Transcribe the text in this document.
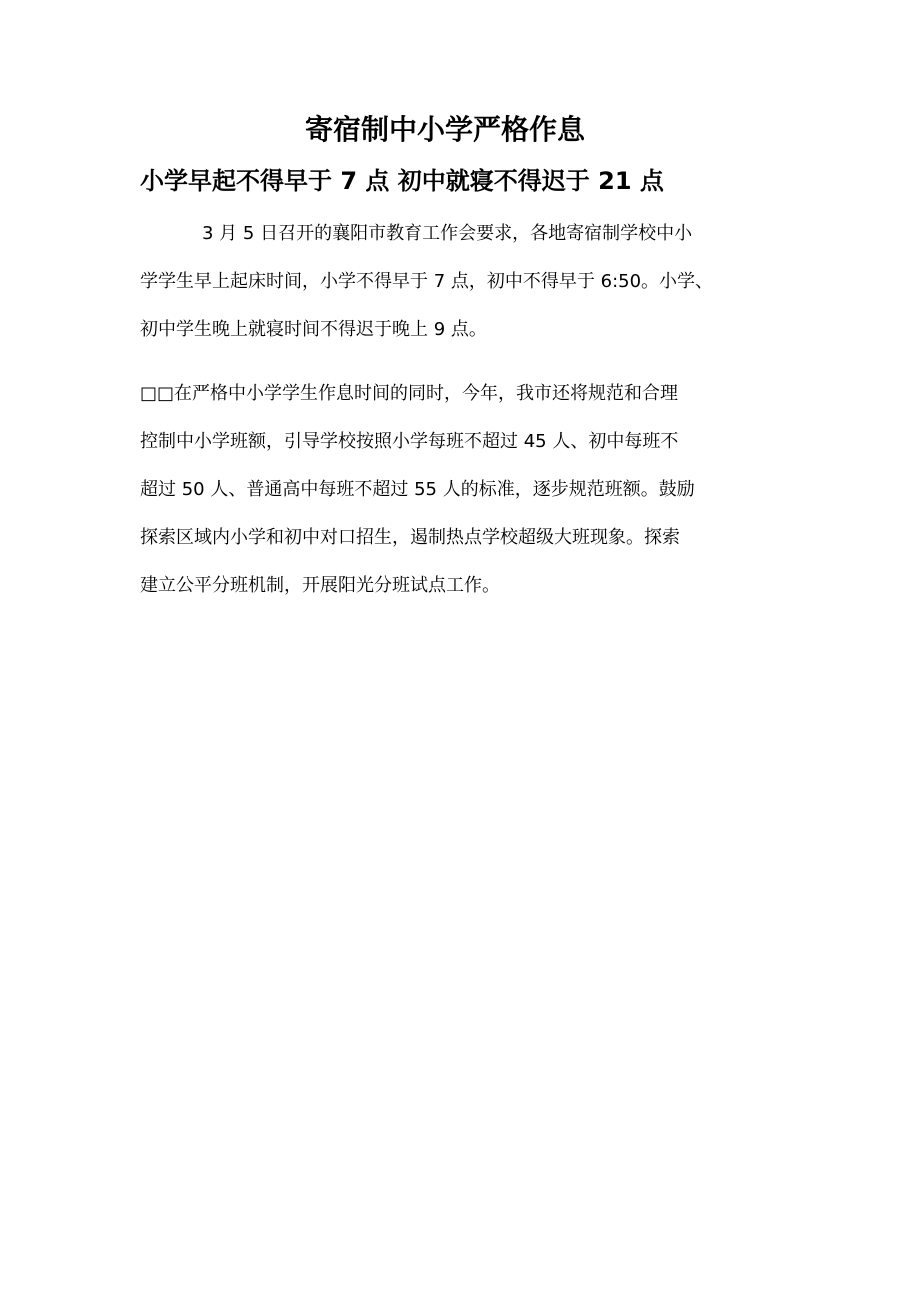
寄宿制中小学严格作息
小学早起不得早于 7 点 初中就寝不得迟于 21 点
3 月 5 日召开的襄阳市教育工作会要求，各地寄宿制学校中小
学学生早上起床时间，小学不得早于 7 点，初中不得早于 6:50。小学、
初中学生晚上就寝时间不得迟于晚上 9 点。
□□在严格中小学学生作息时间的同时，今年，我市还将规范和合理
控制中小学班额，引导学校按照小学每班不超过 45 人、初中每班不
超过 50 人、普通高中每班不超过 55 人的标准，逐步规范班额。鼓励
探索区域内小学和初中对口招生，遏制热点学校超级大班现象。探索
建立公平分班机制，开展阳光分班试点工作。
